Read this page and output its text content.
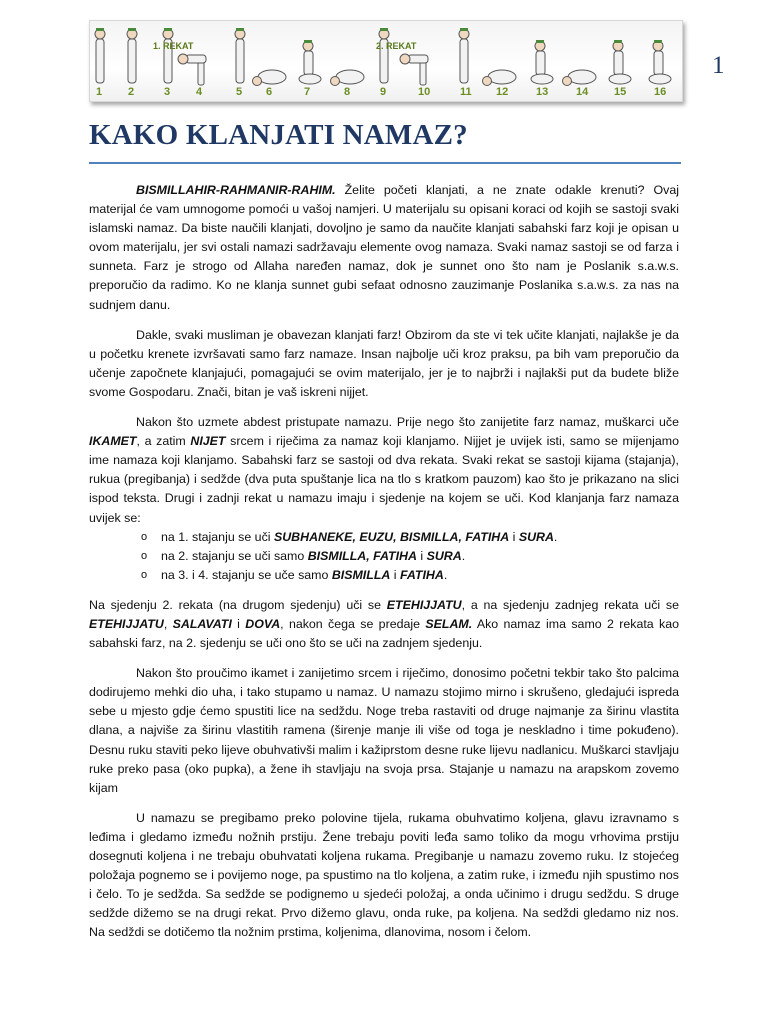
1 2	3 4	5 6	7	8	9	10	11 12	13	14 15	16
1. REKAT	2. REKAT
1
KAKO KLANJATI NAMAZ?

BISMILLAHIR-RAHMANIR-RAHIM. Želite početi klanjati, a ne znate odakle krenuti? Ovaj materijal će vam umnogome pomoći u vašoj namjeri. U materijalu su opisani koraci od kojih se sastoji svaki islamski namaz. Da biste naučili klanjati, dovoljno je samo da naučite klanjati sabahski farz koji je opisan u ovom materijalu, jer svi ostali namazi sadržavaju elemente ovog namaza. Svaki namaz sastoji se od farza i sunneta. Farz je strogo od Allaha naređen namaz, dok je sunnet ono što nam je Poslanik s.a.w.s. preporučio da radimo. Ko ne klanja sunnet gubi sefaat odnosno zauzimanje Poslanika s.a.w.s. za nas na sudnjem danu.

Dakle, svaki musliman je obavezan klanjati farz! Obzirom da ste vi tek učite klanjati, najlakše je da u početku krenete izvršavati samo farz namaze. Insan najbolje uči kroz praksu, pa bih vam preporučio da učenje započnete klanjajući, pomagajući se ovim materijalo, jer je to najbrži i najlakši put da budete bliže svome Gospodaru. Znači, bitan je vaš iskreni nijjet.

Nakon što uzmete abdest pristupate namazu. Prije nego što zanijetite farz namaz, muškarci uče IKAMET, a zatim NIJET srcem i riječima za namaz koji klanjamo. Nijjet je uvijek isti, samo se mijenjamo ime namaza koji klanjamo. Sabahski farz se sastoji od dva rekata. Svaki rekat se sastoji kijama (stajanja), rukua (pregibanja) i sedžde (dva puta spuštanje lica na tlo s kratkom pauzom) kao što je prikazano na slici ispod teksta. Drugi i zadnji rekat u namazu imaju i sjedenje na kojem se uči. Kod klanjanja farz namaza uvijek se:

o na 1. stajanju se uči SUBHANEKE, EUZU, BISMILLA, FATIHA i SURA.
o na 2. stajanju se uči samo BISMILLA, FATIHA i SURA.
o na 3. i 4. stajanju se uče samo BISMILLA i FATIHA.

Na sjedenju 2. rekata (na drugom sjedenju) uči se ETEHIJJATU, a na sjedenju zadnjeg rekata uči se ETEHIJJATU, SALAVATI i DOVA, nakon čega se predaje SELAM. Ako namaz ima samo 2 rekata kao sabahski farz, na 2. sjedenju se uči ono što se uči na zadnjem sjedenju.

Nakon što proučimo ikamet i zanijetimo srcem i riječimo, donosimo početni tekbir tako što palcima dodirujemo mehki dio uha, i tako stupamo u namaz. U namazu stojimo mirno i skrušeno, gledajući ispreda sebe u mjesto gdje ćemo spustiti lice na sedždu. Noge treba rastaviti od druge najmanje za širinu vlastita dlana, a najviše za širinu vlastitih ramena (širenje manje ili više od toga je neskladno i time pokuđeno). Desnu ruku staviti peko lijeve obuhvativši malim i kažiprstom desne ruke lijevu nadlanicu. Muškarci stavljaju ruke preko pasa (oko pupka), a žene ih stavljaju na svoja prsa. Stajanje u namazu na arapskom zovemo kijam

U namazu se pregibamo preko polovine tijela, rukama obuhvatimo koljena, glavu izravnamo s leđima i gledamo između nožnih prstiju. Žene trebaju poviti leđa samo toliko da mogu vrhovima prstiju dosegnuti koljena i ne trebaju obuhvatati koljena rukama. Pregibanje u namazu zovemo ruku. Iz stojećeg položaja pognemo se i povijemo noge, pa spustimo na tlo koljena, a zatim ruke, i između njih spustimo nos i čelo. To je sedžda. Sa sedžde se podignemo u sjedeći položaj, a onda učinimo i drugu sedždu. S druge sedžde dižemo se na drugi rekat. Prvo dižemo glavu, onda ruke, pa koljena. Na sedždi gledamo niz nos. Na sedždi se dotičemo tla nožnim prstima, koljenima, dlanovima, nosom i čelom.
